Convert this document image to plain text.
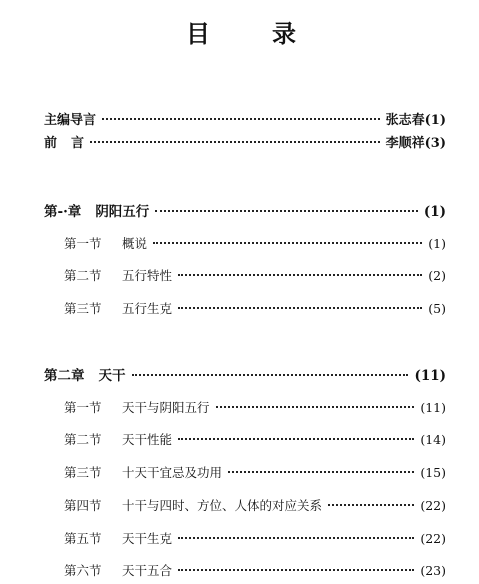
目	录
主编导言	张志春(1)
前 言	李顺祥(3)
第-·章 阴阳五行	(1)
第一节 概说	(1)
第二节 五行特性	(2)
第三节 五行生克	(5)
第二章 天干	(11)
第一节 天干与阴阳五行	(11)
第二节 天干性能	(14)
第三节 十天干宜忌及功用	(15)
第四节 十干与四时、方位、人体的对应关系	(22)
第五节 天干生克	(22)
第六节 天干五合	(23)
